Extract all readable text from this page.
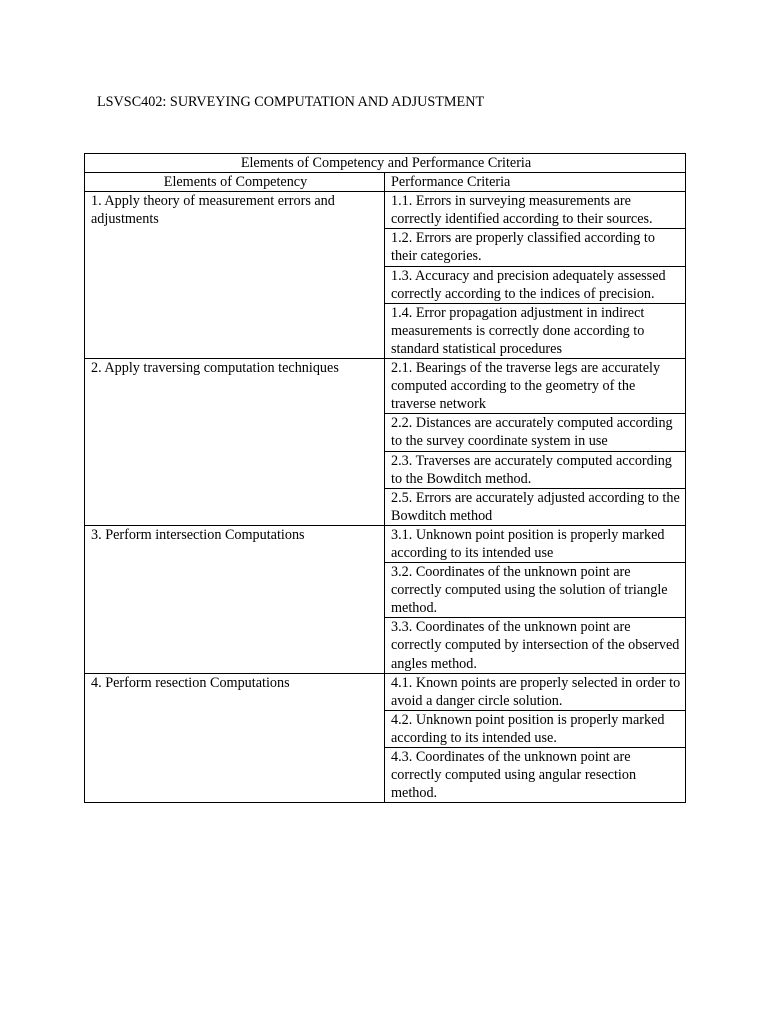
LSVSC402: SURVEYING COMPUTATION AND ADJUSTMENT
Elements of Competency and Performance Criteria	
Elements of Competency	Performance Criteria
1. Apply theory of measurement errors and adjustments	1.1. Errors in surveying measurements are correctly identified according to their sources.
	1.2. Errors are properly classified according to their categories.
	1.3. Accuracy and precision adequately assessed correctly according to the indices of precision.
	1.4. Error propagation adjustment in indirect measurements is correctly done according to standard statistical procedures
2. Apply traversing computation techniques	2.1. Bearings of the traverse legs are accurately computed according to the geometry of the traverse network
	2.2. Distances are accurately computed according to the survey coordinate system in use
	2.3. Traverses are accurately computed according to the Bowditch method.
	2.5. Errors are accurately adjusted according to the Bowditch method
3. Perform intersection Computations	3.1. Unknown point position is properly marked according to its intended use
	3.2. Coordinates of the unknown point are correctly computed using the solution of triangle method.
	3.3. Coordinates of the unknown point are correctly computed by intersection of the observed angles method.
4. Perform resection Computations	4.1. Known points are properly selected in order to avoid a danger circle solution.
	4.2. Unknown point position is properly marked according to its intended use.
	4.3. Coordinates of the unknown point are correctly computed using angular resection method.
